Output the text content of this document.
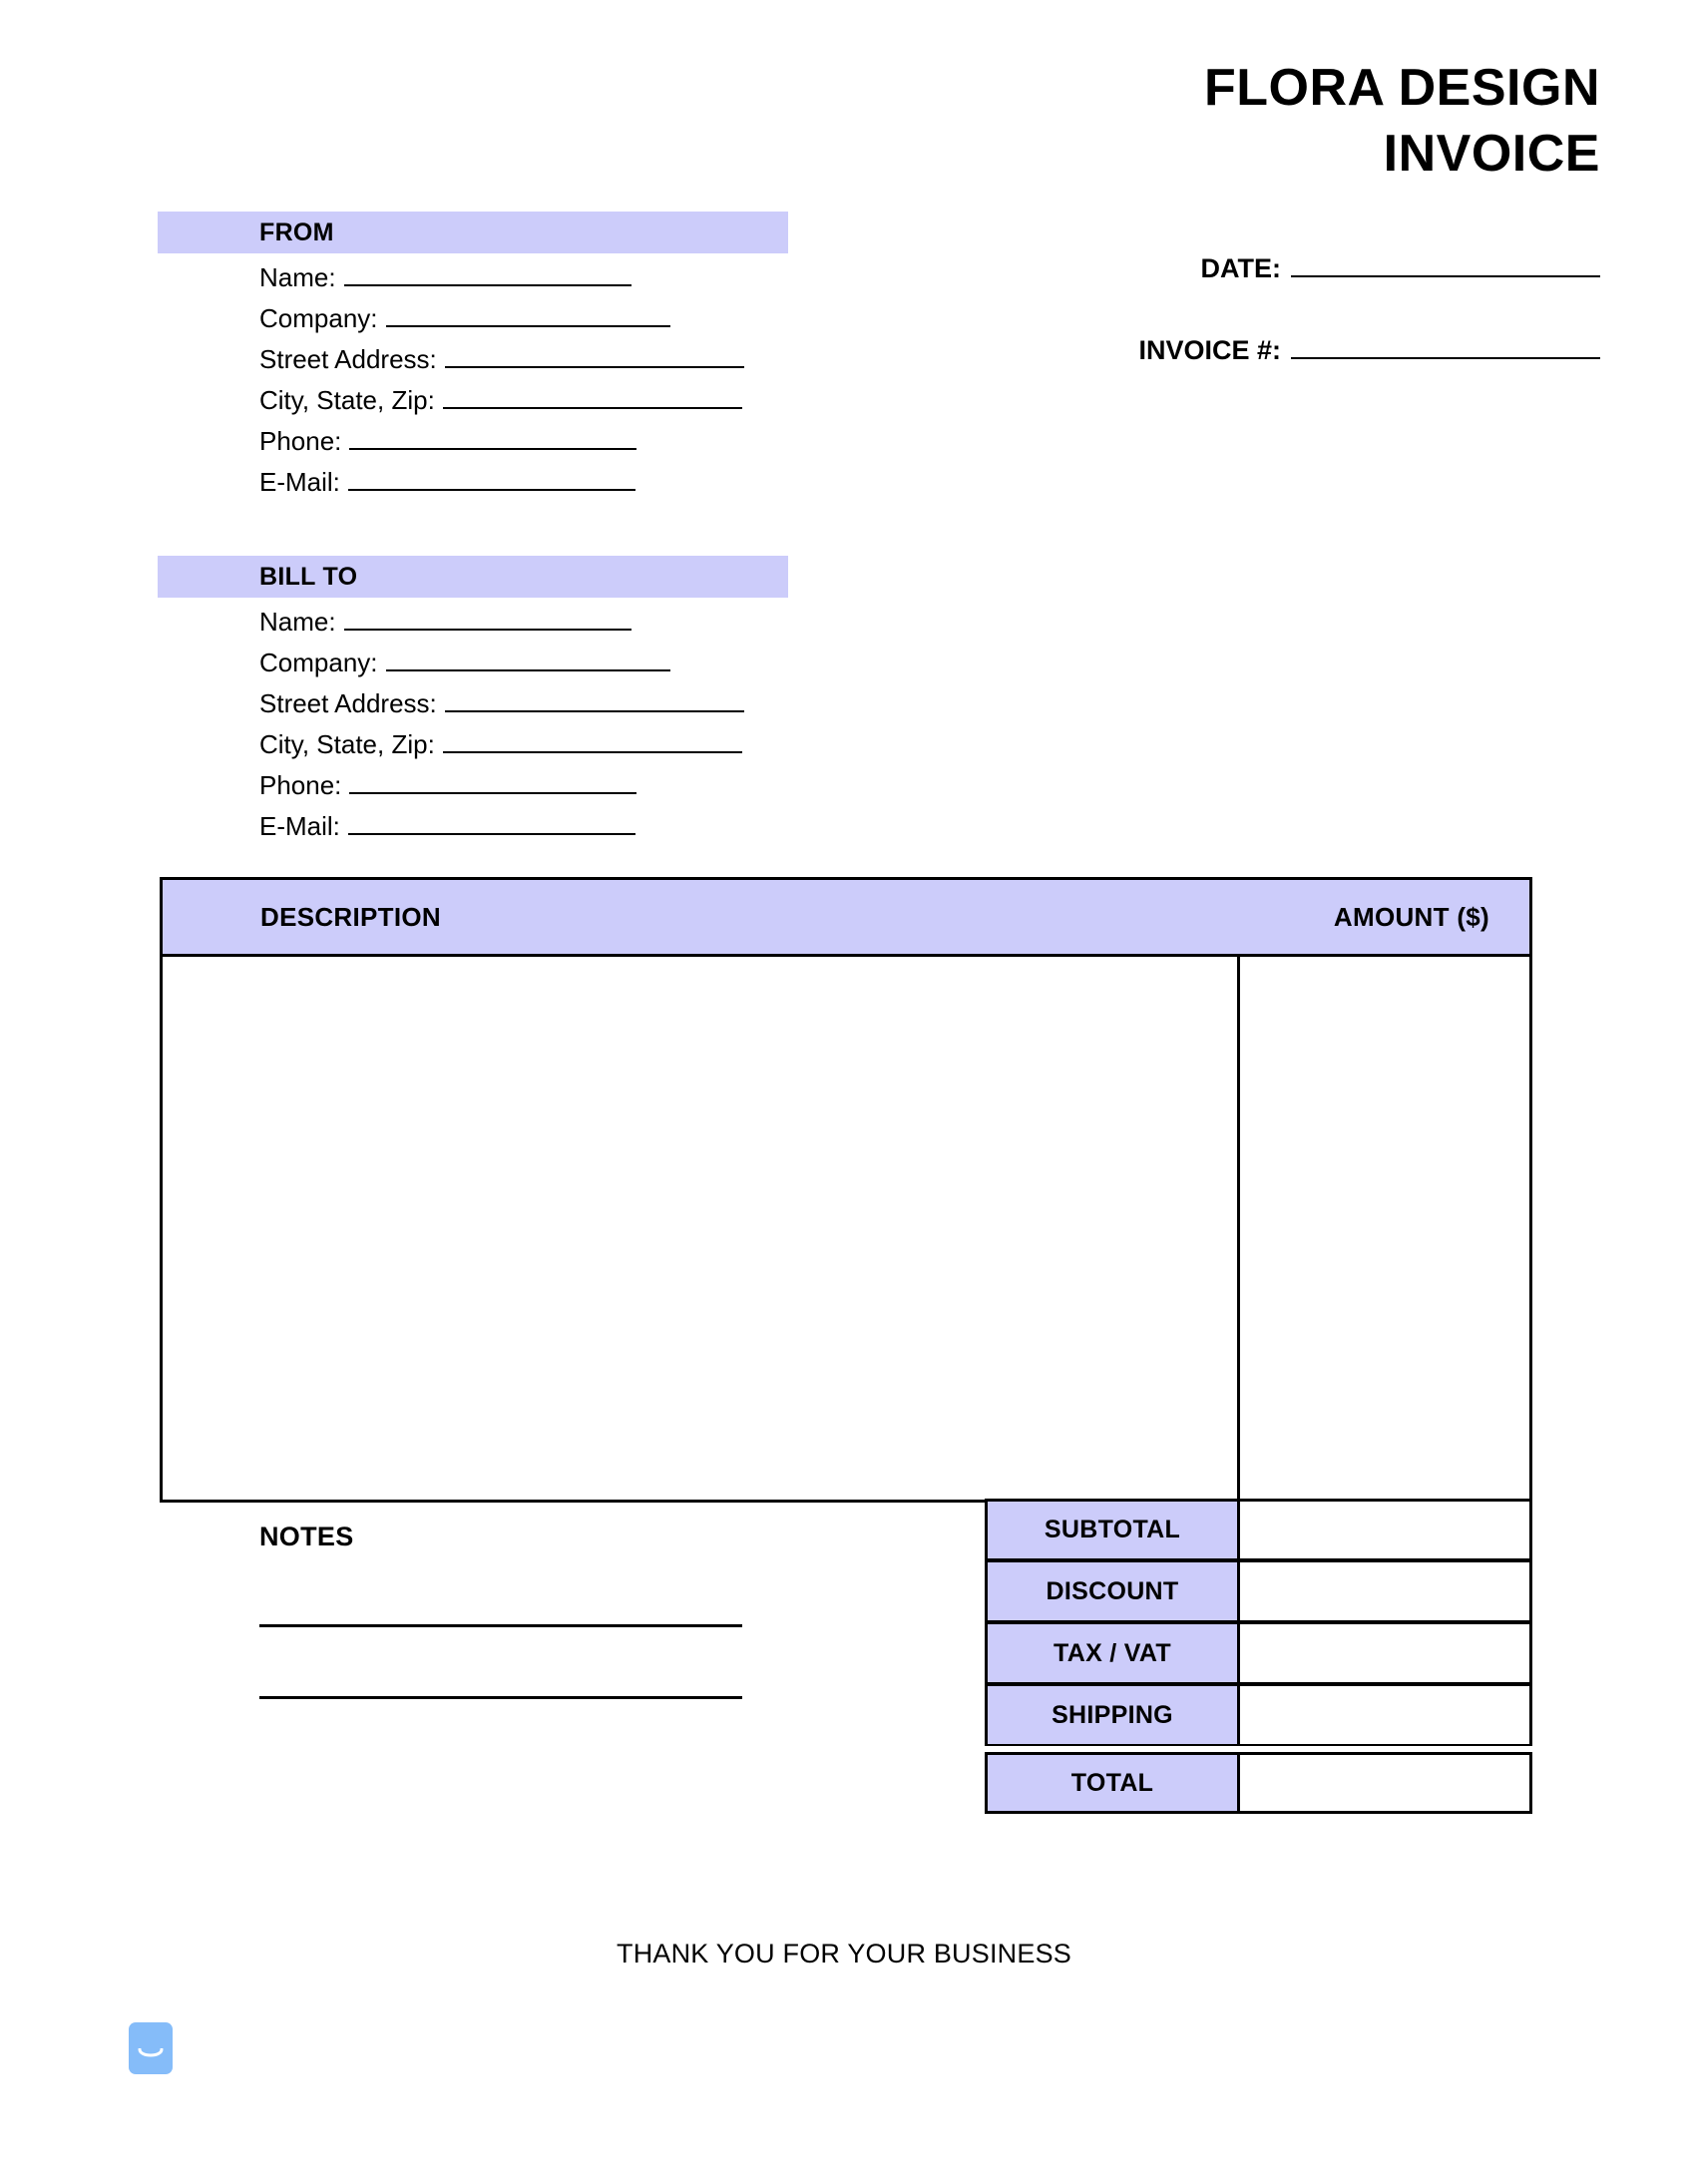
FLORA DESIGN
INVOICE
DATE:
INVOICE #:
FROM
Name:
Company:
Street Address:
City, State, Zip:
Phone:
E-Mail:
BILL TO
Name:
Company:
Street Address:
City, State, Zip:
Phone:
E-Mail:
DESCRIPTION	AMOUNT ($)
NOTES	SUBTOTAL
DISCOUNT
TAX / VAT
SHIPPING
TOTAL
THANK YOU FOR YOUR BUSINESS
